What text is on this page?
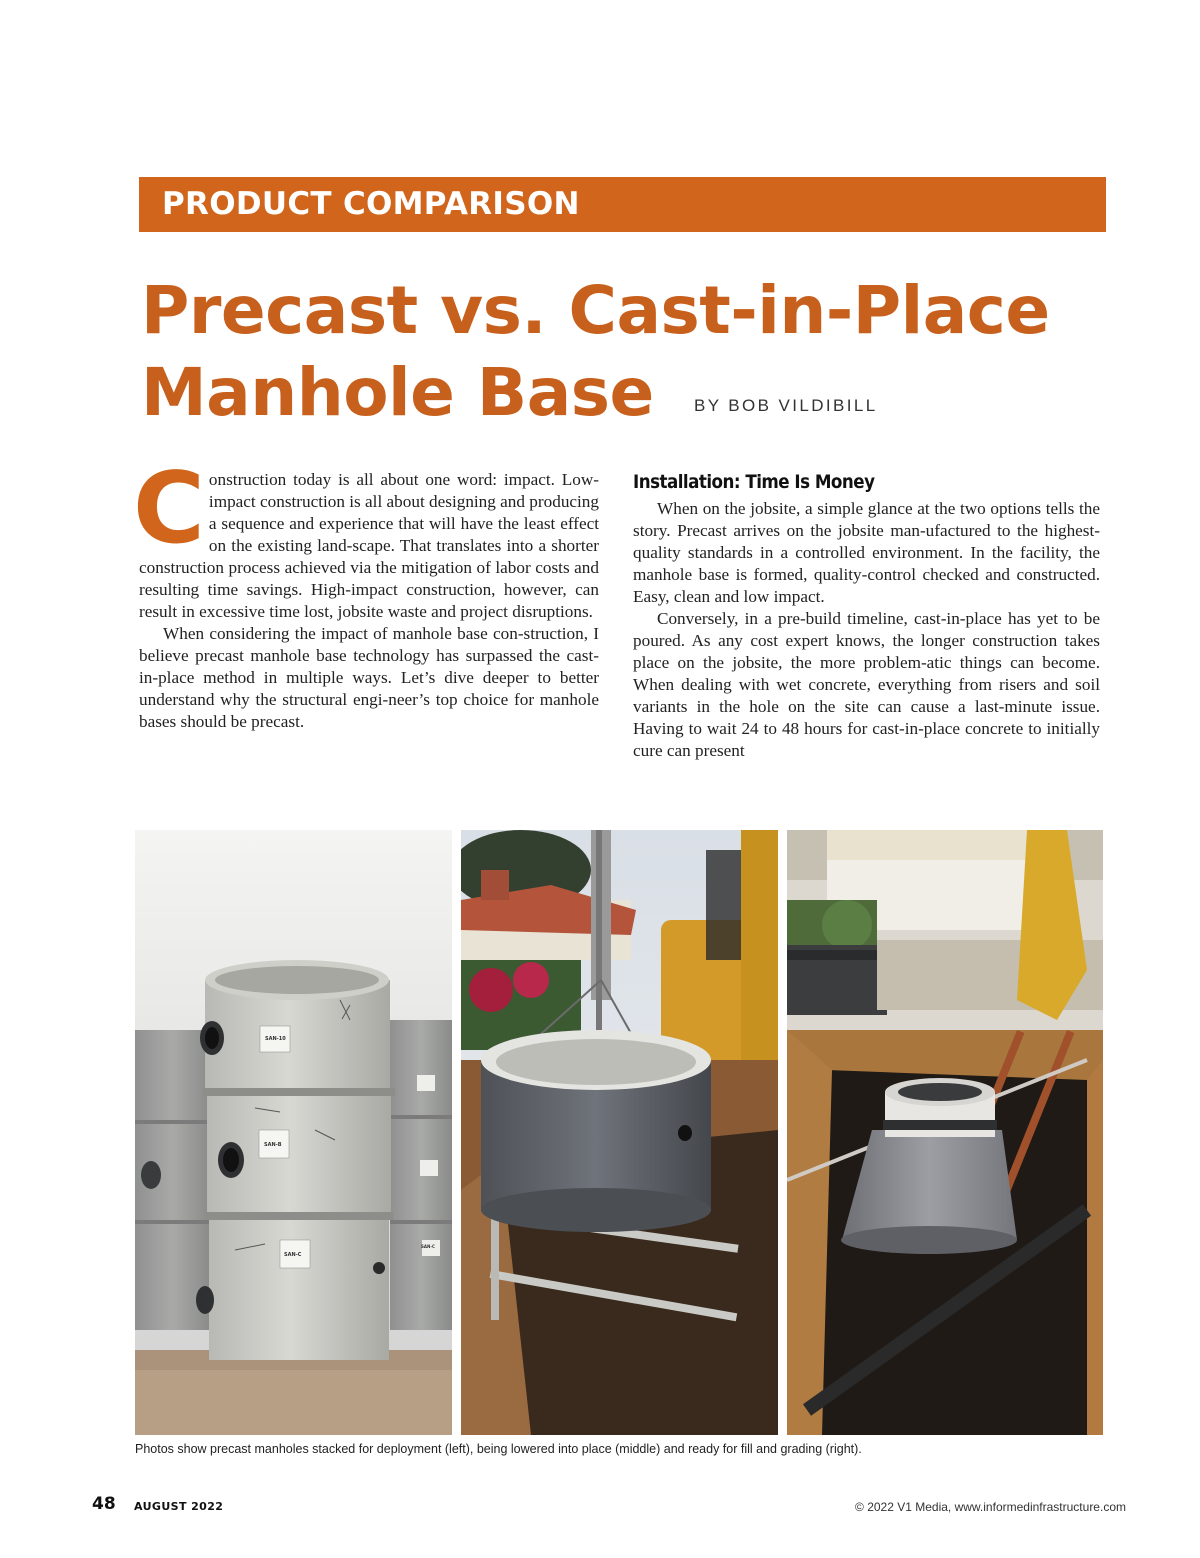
PRODUCT COMPARISON
Precast vs. Cast-in-Place
Manhole Base	BY BOB VILDIBILL

Construction today is all about one word: impact. Low-impact construction is all about designing and producing a sequence and experience that will have the least effect on the existing land-scape. That translates into a shorter construction process achieved via the mitigation of labor costs and resulting time savings. High-impact construction, however, can result in excessive time lost, jobsite waste and project disruptions.

When considering the impact of manhole base con-struction, I believe precast manhole base technology has surpassed the cast-in-place method in multiple ways. Let’s dive deeper to better understand why the structural engi-neer’s top choice for manhole bases should be precast.

Installation: Time Is Money

When on the jobsite, a simple glance at the two options tells the story. Precast arrives on the jobsite man-ufactured to the highest-quality standards in a controlled environment. In the facility, the manhole base is formed, quality-control checked and constructed. Easy, clean and low impact.

Conversely, in a pre-build timeline, cast-in-place has yet to be poured. As any cost expert knows, the longer construction takes place on the jobsite, the more problem-atic things can become. When dealing with wet concrete, everything from risers and soil variants in the hole on the site can cause a last-minute issue. Having to wait 24 to 48 hours for cast-in-place concrete to initially cure can present

SAN-10
SAN-B
SAN-C
SAN-C
Photos show precast manholes stacked for deployment (left), being lowered into place (middle) and ready for fill and grading (right).
48 AUGUST 2022	© 2022 V1 Media, www.informedinfrastructure.com
